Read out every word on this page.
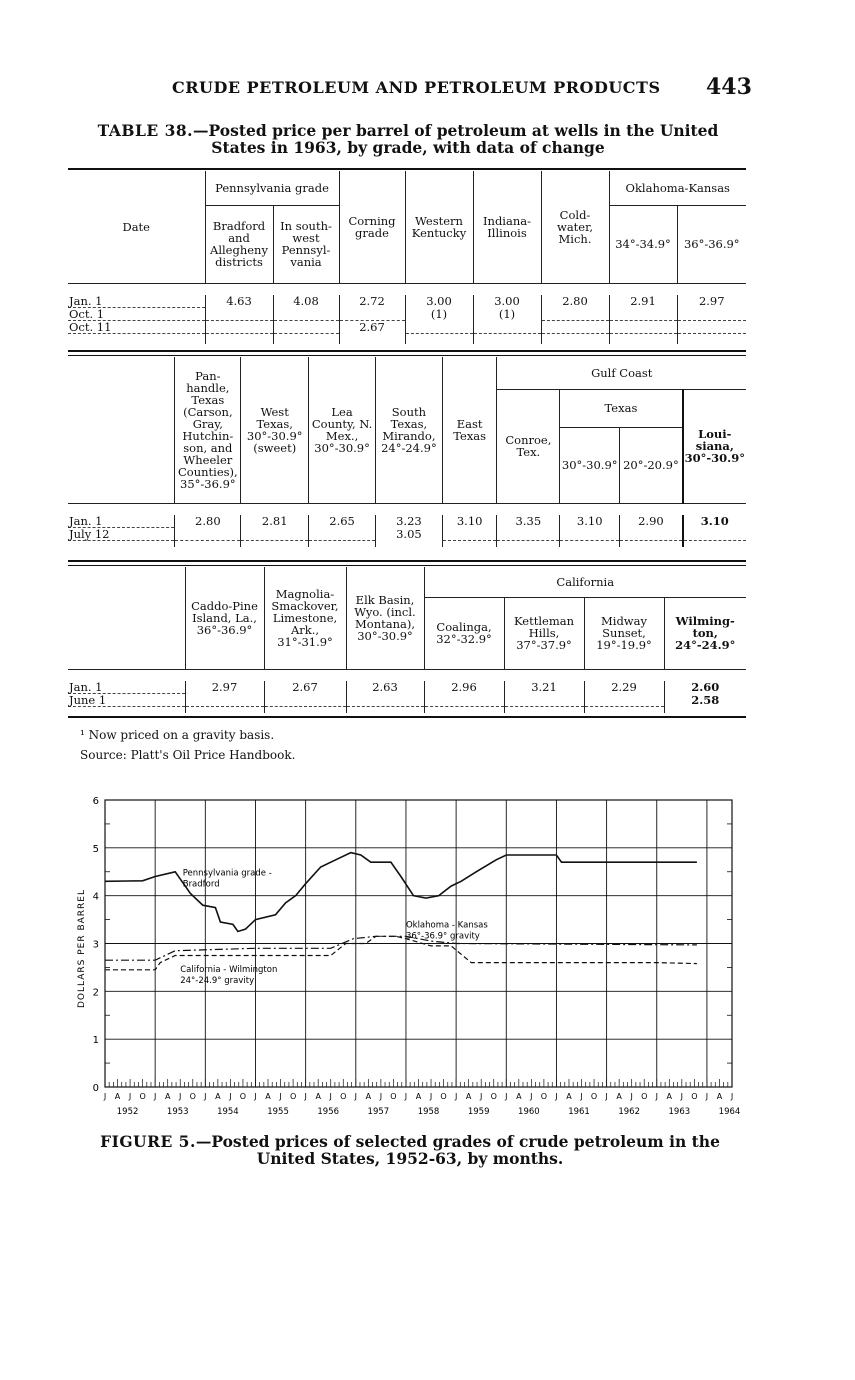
CRUDE PETROLEUM AND PETROLEUM PRODUCTS 443
TABLE 38.—Posted price per barrel of petroleum at wells in the United States in 1963, by grade, with data of change
Date	Pennsylvania grade		Corning grade	Western Kentucky	Indiana-Illinois	Cold-water, Mich.	Oklahoma-Kansas	
	Bradford and Allegheny districts	In south-west Pennsyl-vania					34°-34.9°	36°-36.9°

Jan. 1	4.63	4.08	2.72	3.00	3.00	2.80	2.91	2.97
Oct. 1				(1)	(1)			
Oct. 11			2.67					

	Pan-handle, Texas (Carson, Gray, Hutchin-son, and Wheeler Counties), 35°-36.9°	West Texas, 30°-30.9° (sweet)	Lea County, N. Mex., 30°-30.9°	South Texas, Mirando, 24°-24.9°	East Texas	Gulf Coast			
						Conroe, Tex.	Texas		Loui-siana, 30°-30.9°
							30°-30.9°	20°-20.9°	

Jan. 1	2.80	2.81	2.65	3.23	3.10	3.35	3.10	2.90	3.10
July 12				3.05					

	Caddo-Pine Island, La., 36°-36.9°	Magnolia-Smackover, Limestone, Ark., 31°-31.9°	Elk Basin, Wyo. (incl. Montana), 30°-30.9°	California			
				Coalinga, 32°-32.9°	Kettleman Hills, 37°-37.9°	Midway Sunset, 19°-19.9°	Wilming-ton, 24°-24.9°

Jan. 1	2.97	2.67	2.63	2.96	3.21	2.29	2.60
June 1							2.58

¹ Now priced on a gravity basis.
Source: Platt's Oil Price Handbook.
0
1
2
3
4
5
6
1952
J A J O
1953
J A J O
1954
J A J O
1955
J A J O
1956
J A J O
1957
J A J O
1958
J A J O
1959
J A J O
1960
J A J O
1961
J A J O
1962
J A J O
1963
J A J O
1964
J A J
DOLLARS PER BARREL
Pennsylvania grade -
Bradford
Oklahoma - Kansas
36°-36.9° gravity
California - Wilmington
24°-24.9° gravity
FIGURE 5.—Posted prices of selected grades of crude petroleum in the United States, 1952-63, by months.
